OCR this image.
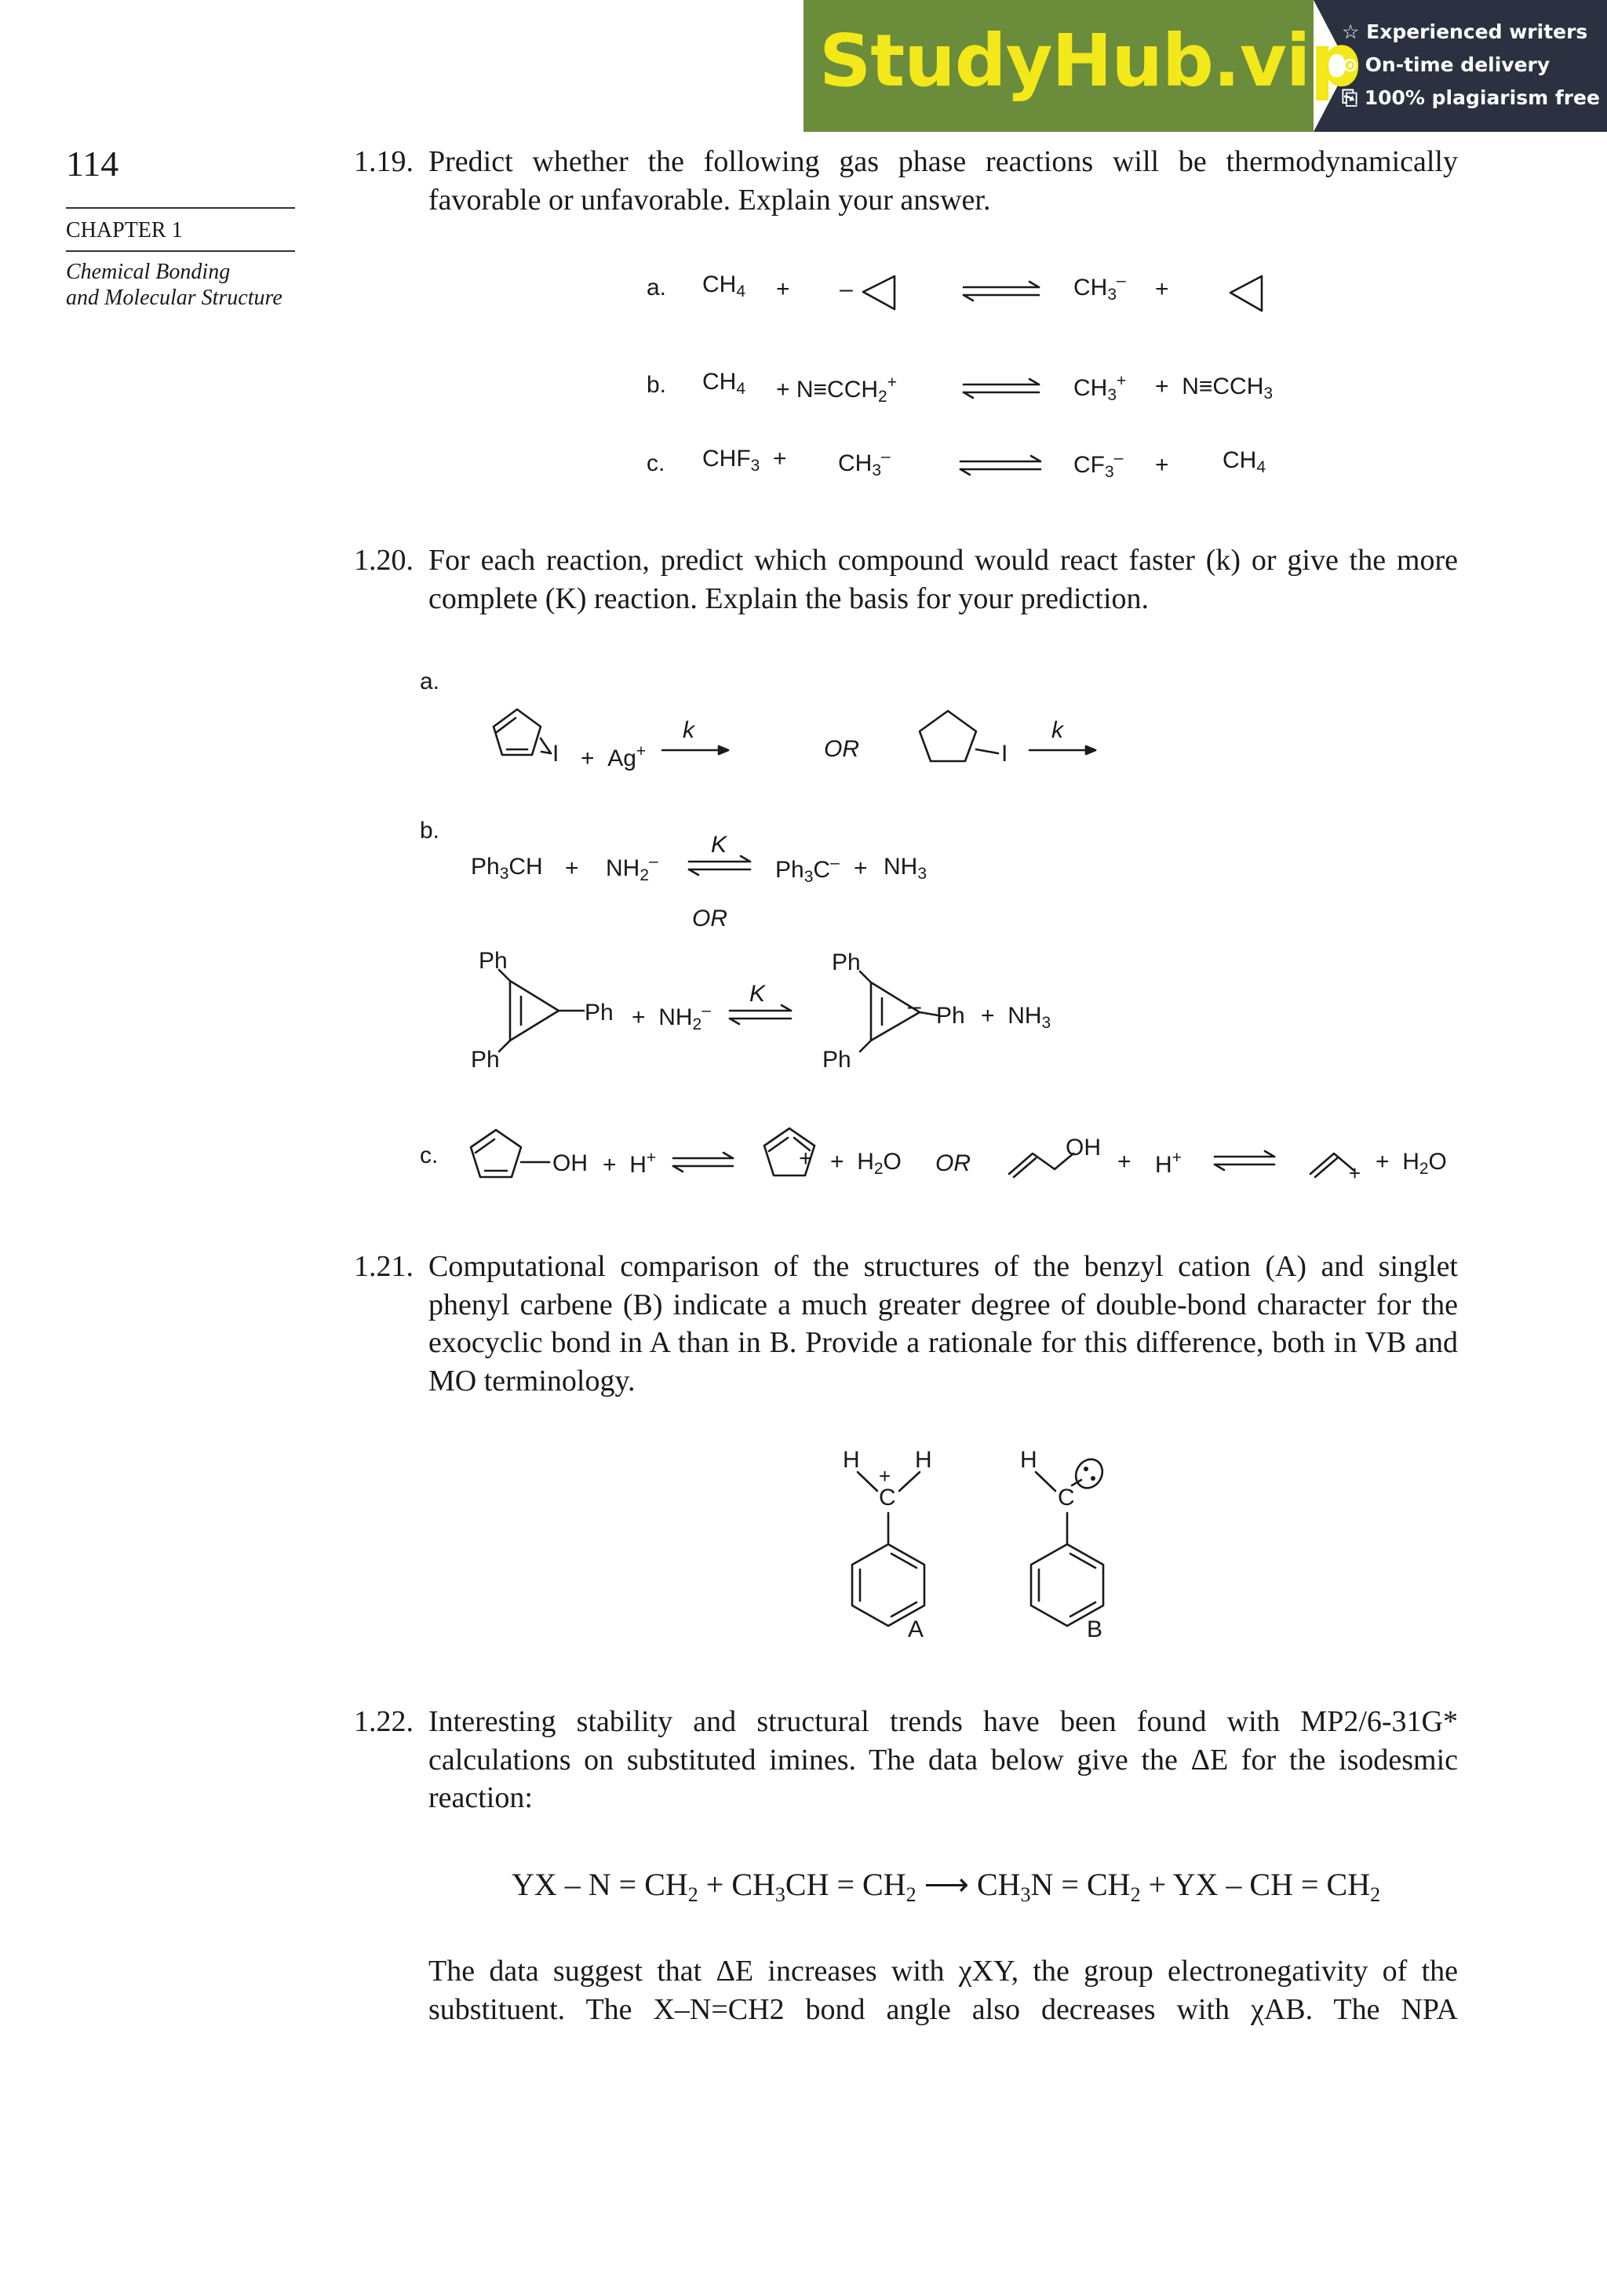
StudyHub.vip
☆ Experienced writers
⊙ On-time delivery
⎘ 100% plagiarism free
114
CHAPTER 1
Chemical Bonding
and Molecular Structure
1.19. Predict whether the following gas phase reactions will be thermodynamically favorable or unfavorable. Explain your answer.
a. $CH_4$ + –	$CH_3^-$ +
b. $CH_4 + N\equiv CCH_2^+$	$CH_3^+ + N\equiv CCH_3$
c. $CHF_3 + CH_3^-$	$CF_3^- + CH_4$
1.20. For each reaction, predict which compound would react faster (k) or give the more complete (K) reaction. Explain the basis for your prediction.
a.
I +  Ag+
k
OR	I
k
b.
$Ph_3CH + NH_2^-$
K
$Ph_3C^- + NH_3$
OR
Ph
Ph
Ph
+  $NH_2^-$
K
Ph
Ph
Ph
–	+  $NH_3$
c.	OH +  H+	+ +  $H_2O$ OR
OH
+ H+
+ +  $H_2O$
1.21. Computational comparison of the structures of the benzyl cation (A) and singlet phenyl carbene (B) indicate a much greater degree of double-bond character for the exocyclic bond in A than in B. Provide a rationale for this difference, both in VB and MO terminology.
H H
+
C
A
H
C
B
1.22. Interesting stability and structural trends have been found with MP2/6-31G* calculations on substituted imines. The data below give the ΔE for the isodesmic reaction:
YX – $N = CH_2 + CH_3CH = CH_2$ ⟶ $CH_3N = CH_2$ + YX – CH = $CH_2$
The data suggest that ΔE increases with χXY, the group electronegativity of the substituent. The X–N=CH2 bond angle also decreases with χAB. The NPA
